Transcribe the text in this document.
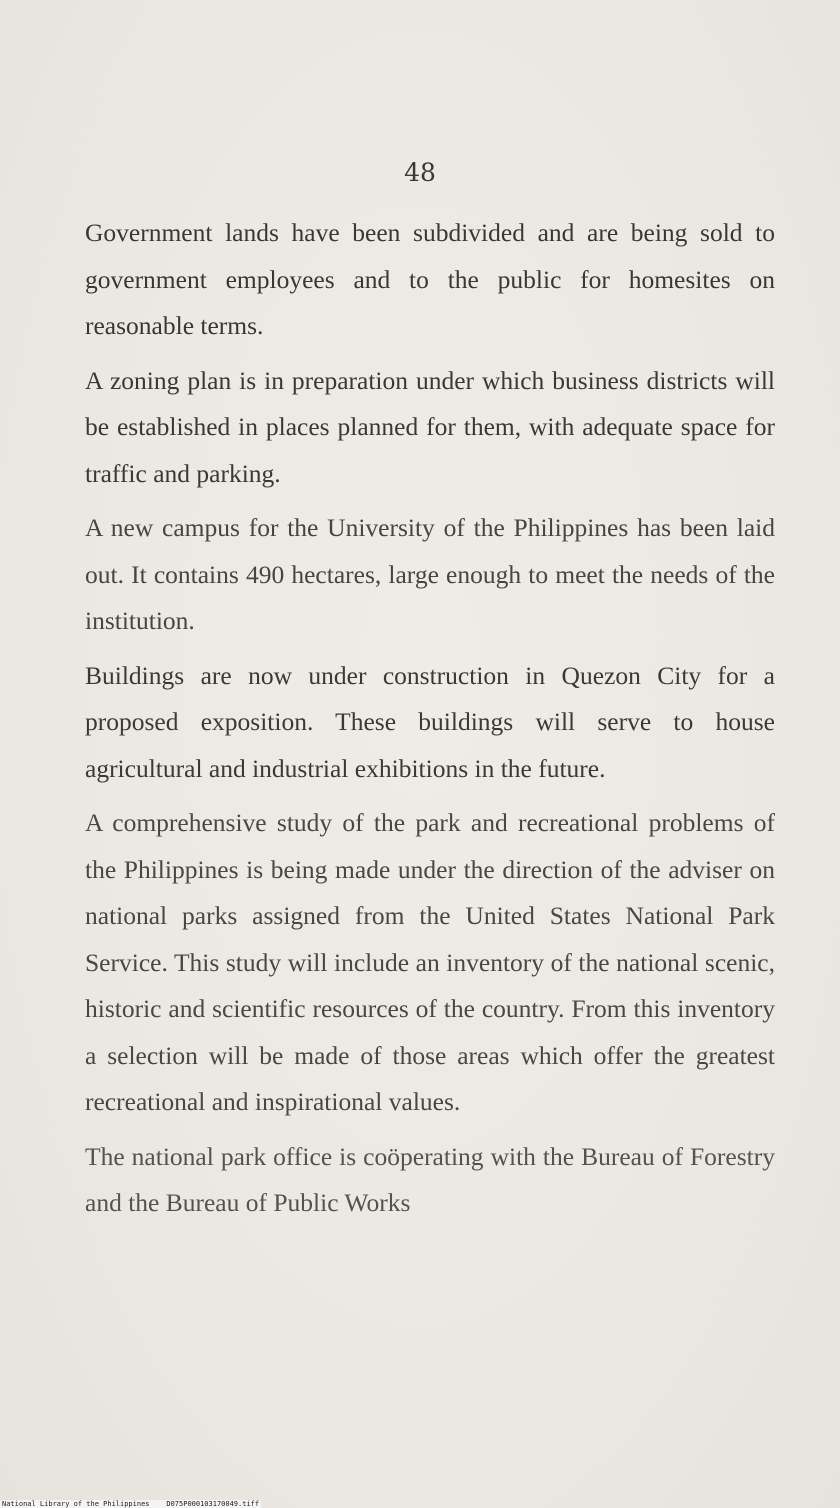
48

Government lands have been subdivided and are being sold to government employees and to the public for homesites on reasonable terms.

A zoning plan is in preparation under which business districts will be established in places planned for them, with adequate space for traffic and parking.

A new campus for the University of the Philippines has been laid out. It contains 490 hectares, large enough to meet the needs of the institution.

Buildings are now under construction in Quezon City for a proposed exposition. These buildings will serve to house agricultural and industrial exhibitions in the future.

A comprehensive study of the park and recreational problems of the Philippines is being made under the direction of the adviser on national parks assigned from the United States National Park Service. This study will include an inventory of the national scenic, historic and scientific resources of the country. From this inventory a selection will be made of those areas which offer the greatest recreational and inspirational values.

The national park office is coöperating with the Bureau of Forestry and the Bureau of Public Works

National Library of the Philippines D075P000103170049.tiff
